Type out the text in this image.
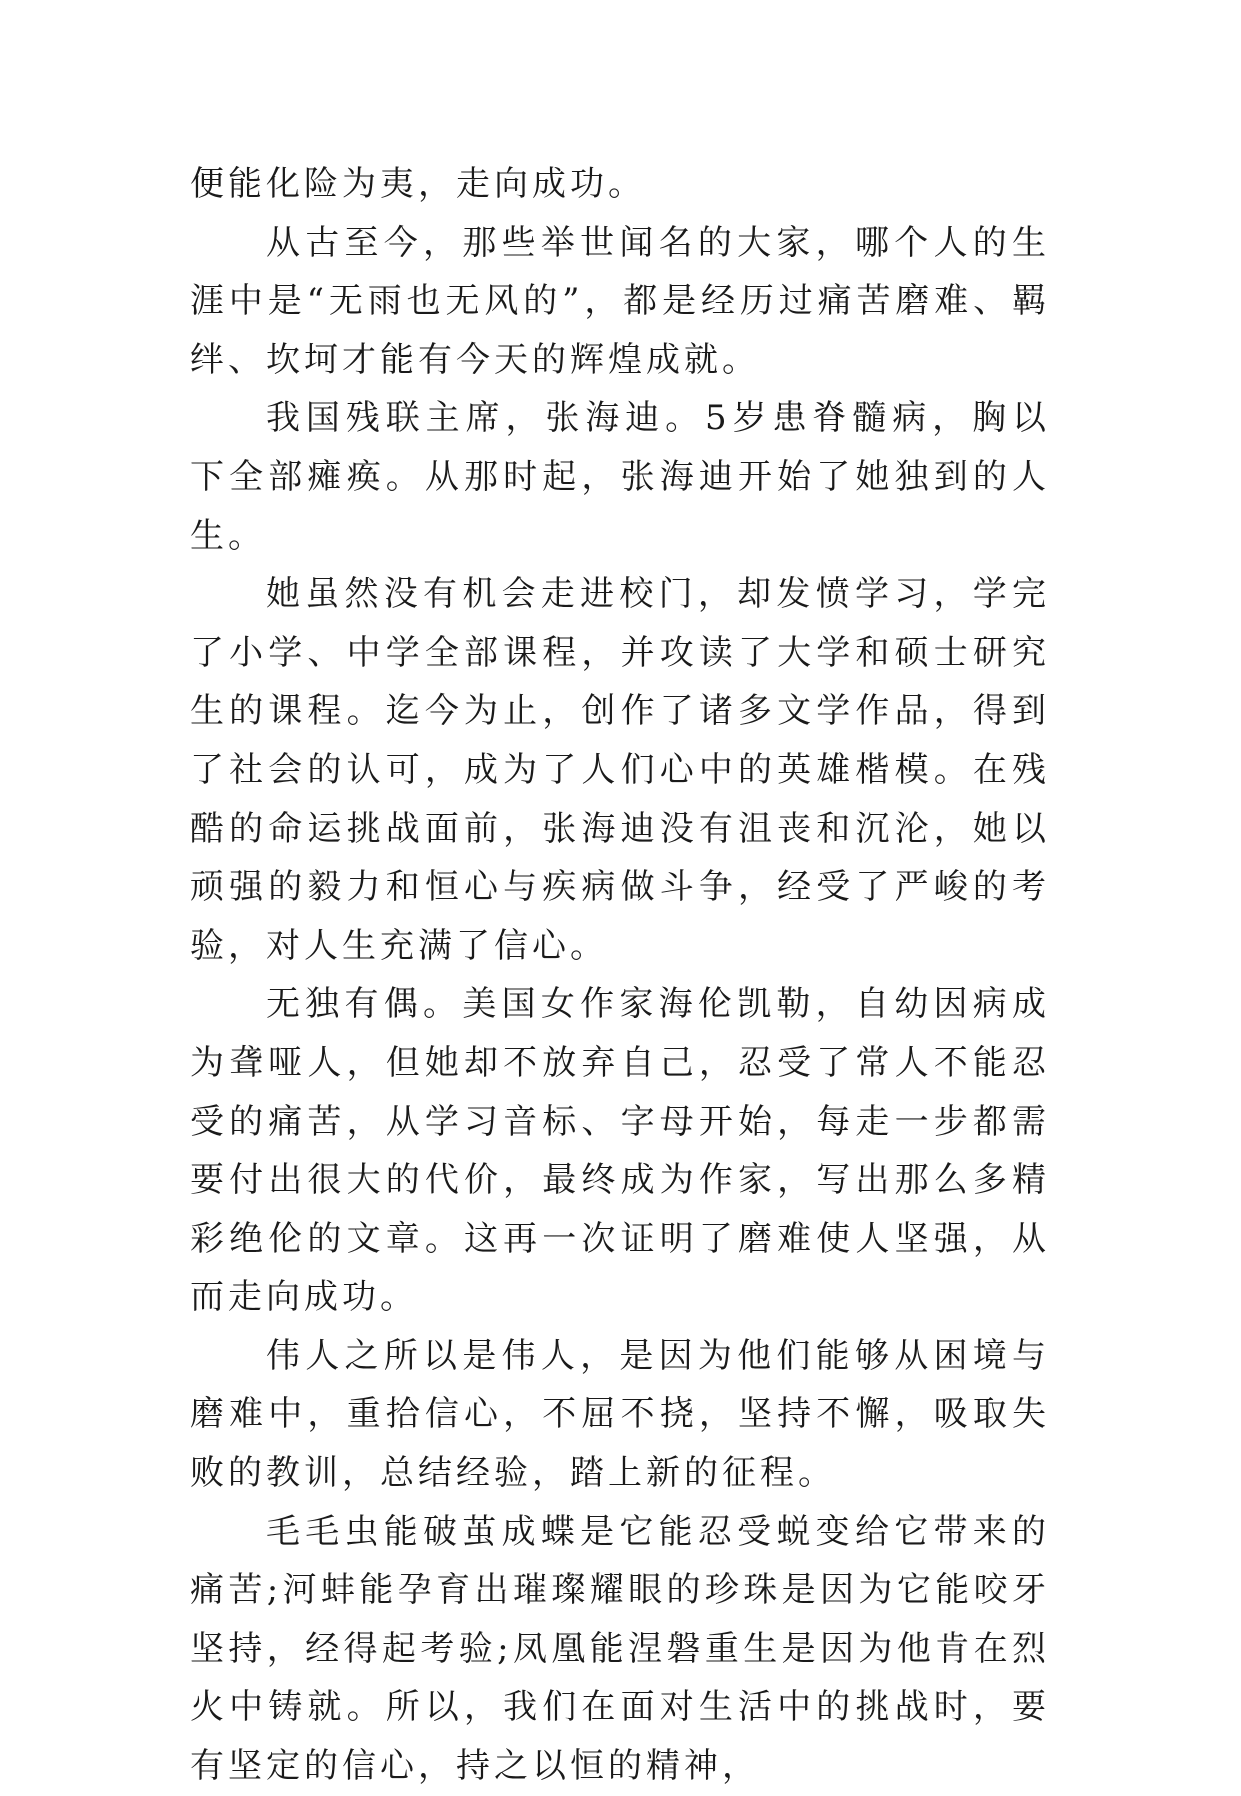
便能化险为夷，走向成功。

从古至今，那些举世闻名的大家，哪个人的生涯中是“无雨也无风的”，都是经历过痛苦磨难、羁绊、坎坷才能有今天的辉煌成就。

我国残联主席，张海迪。5岁患脊髓病，胸以下全部瘫痪。从那时起，张海迪开始了她独到的人生。

她虽然没有机会走进校门，却发愤学习，学完了小学、中学全部课程，并攻读了大学和硕士研究生的课程。迄今为止，创作了诸多文学作品，得到了社会的认可，成为了人们心中的英雄楷模。在残酷的命运挑战面前，张海迪没有沮丧和沉沦，她以顽强的毅力和恒心与疾病做斗争，经受了严峻的考验，对人生充满了信心。

无独有偶。美国女作家海伦凯勒，自幼因病成为聋哑人，但她却不放弃自己，忍受了常人不能忍受的痛苦，从学习音标、字母开始，每走一步都需要付出很大的代价，最终成为作家，写出那么多精彩绝伦的文章。这再一次证明了磨难使人坚强，从而走向成功。

伟人之所以是伟人，是因为他们能够从困境与磨难中，重拾信心，不屈不挠，坚持不懈，吸取失败的教训，总结经验，踏上新的征程。

毛毛虫能破茧成蝶是它能忍受蜕变给它带来的痛苦;河蚌能孕育出璀璨耀眼的珍珠是因为它能咬牙坚持，经得起考验;凤凰能涅磐重生是因为他肯在烈火中铸就。所以，我们在面对生活中的挑战时，要有坚定的信心，持之以恒的精神，
